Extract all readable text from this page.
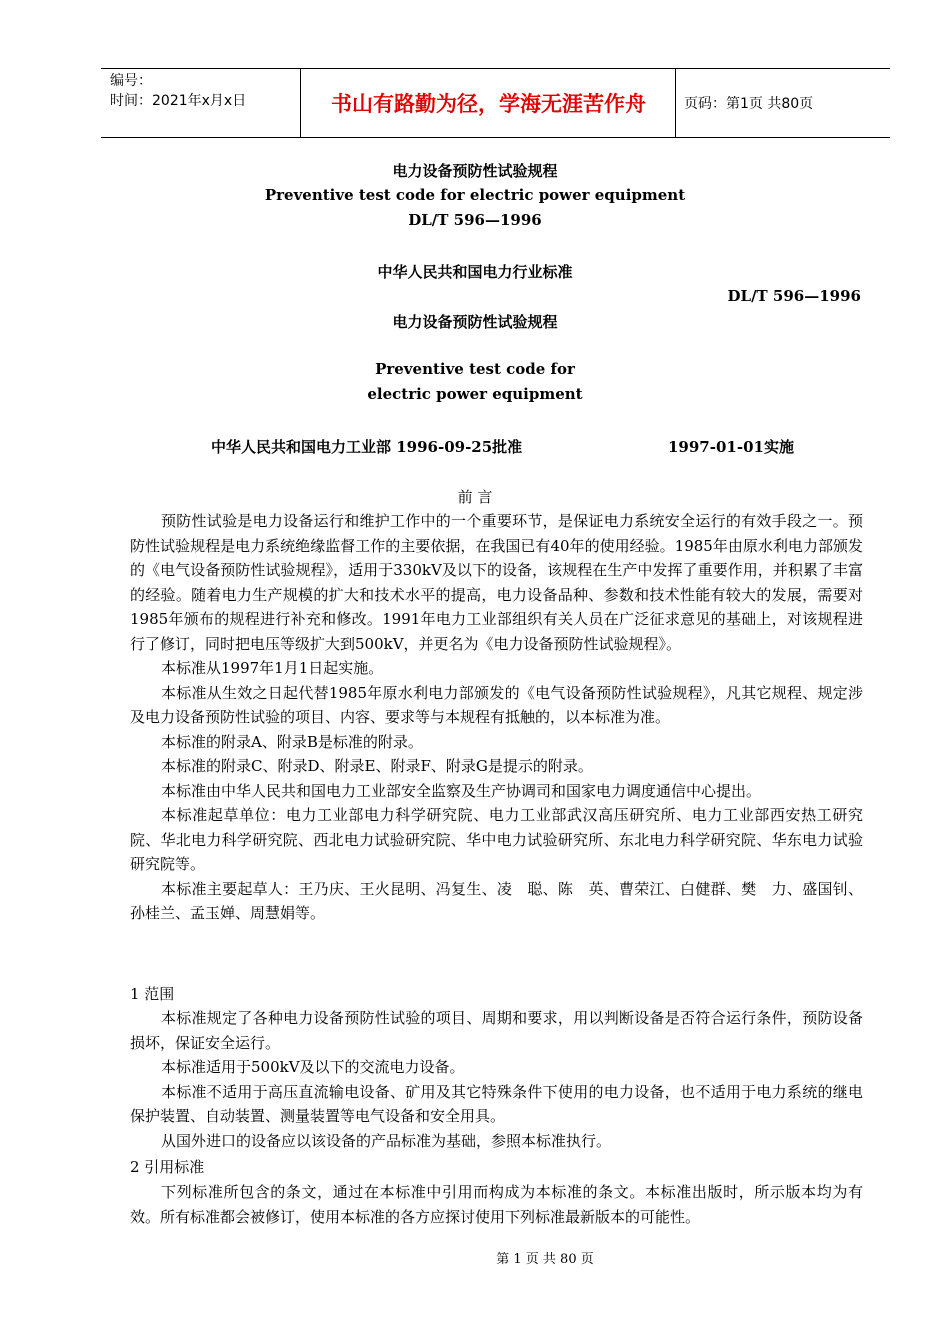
编号：
时间：2021年x月x日	书山有路勤为径，学海无涯苦作舟	页码：第1页 共80页
电力设备预防性试验规程
Preventive test code for electric power equipment
DL/T 596—1996
中华人民共和国电力行业标准
DL/T 596—1996
电力设备预防性试验规程
Preventive test code for
electric power equipment
中华人民共和国电力工业部 1996-09-25批准	1997-01-01实施
前 言

预防性试验是电力设备运行和维护工作中的一个重要环节，是保证电力系统安全运行的有效手段之一。预防性试验规程是电力系统绝缘监督工作的主要依据，在我国已有40年的使用经验。1985年由原水利电力部颁发的《电气设备预防性试验规程》，适用于330kV及以下的设备，该规程在生产中发挥了重要作用，并积累了丰富的经验。随着电力生产规模的扩大和技术水平的提高，电力设备品种、参数和技术性能有较大的发展，需要对1985年颁布的规程进行补充和修改。1991年电力工业部组织有关人员在广泛征求意见的基础上，对该规程进行了修订，同时把电压等级扩大到500kV，并更名为《电力设备预防性试验规程》。

本标准从1997年1月1日起实施。

本标准从生效之日起代替1985年原水利电力部颁发的《电气设备预防性试验规程》，凡其它规程、规定涉及电力设备预防性试验的项目、内容、要求等与本规程有抵触的，以本标准为准。

本标准的附录A、附录B是标准的附录。

本标准的附录C、附录D、附录E、附录F、附录G是提示的附录。

本标准由中华人民共和国电力工业部安全监察及生产协调司和国家电力调度通信中心提出。

本标准起草单位：电力工业部电力科学研究院、电力工业部武汉高压研究所、电力工业部西安热工研究院、华北电力科学研究院、西北电力试验研究院、华中电力试验研究所、东北电力科学研究院、华东电力试验研究院等。

本标准主要起草人：王乃庆、王火昆明、冯复生、凌　聪、陈　英、曹荣江、白健群、樊　力、盛国钊、孙桂兰、孟玉婵、周慧娟等。

1 范围

本标准规定了各种电力设备预防性试验的项目、周期和要求，用以判断设备是否符合运行条件，预防设备损坏，保证安全运行。

本标准适用于500kV及以下的交流电力设备。

本标准不适用于高压直流输电设备、矿用及其它特殊条件下使用的电力设备，也不适用于电力系统的继电保护装置、自动装置、测量装置等电气设备和安全用具。

从国外进口的设备应以该设备的产品标准为基础，参照本标准执行。

2 引用标准

下列标准所包含的条文，通过在本标准中引用而构成为本标准的条文。本标准出版时，所示版本均为有效。所有标准都会被修订，使用本标准的各方应探讨使用下列标准最新版本的可能性。

第 1 页 共 80 页
